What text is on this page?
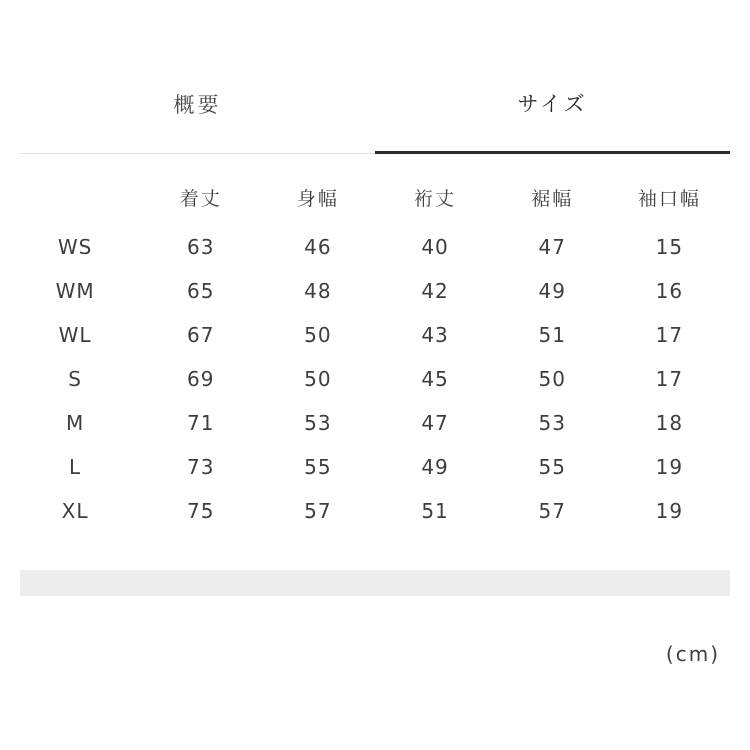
概要	サイズ
	着丈	身幅	裄丈	裾幅	袖口幅
WS	63	46	40	47	15
WM	65	48	42	49	16
WL	67	50	43	51	17
S	69	50	45	50	17
M	71	53	47	53	18
L	73	55	49	55	19
XL	75	57	51	57	19
(cm)
